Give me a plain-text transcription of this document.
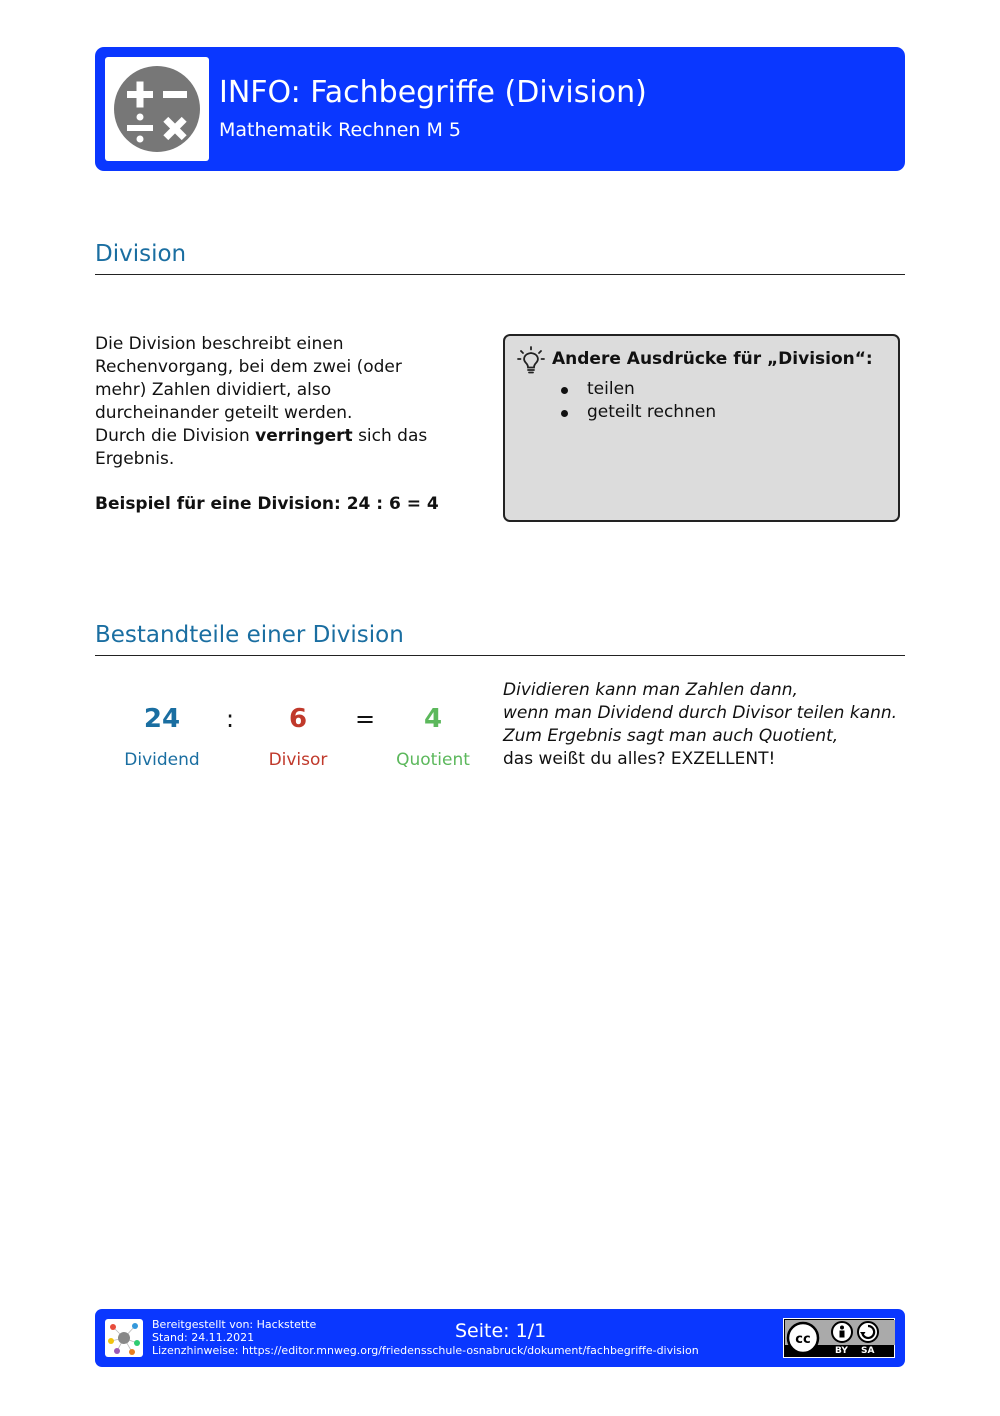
INFO: Fachbegriffe (Division)
Mathematik Rechnen M 5
Division

Die Division beschreibt einen Rechenvorgang, bei dem zwei (oder mehr) Zahlen dividiert, also durcheinander geteilt werden.

Durch die Division verringert sich das Ergebnis.

Beispiel für eine Division: 24 : 6 = 4

Andere Ausdrücke für „Division“:
teilen
geteilt rechnen
Bestandteile einer Division
24	:	6	=	4
Dividend	Divisor	Quotient
Dividieren kann man Zahlen dann,
wenn man Dividend durch Divisor teilen kann.
Zum Ergebnis sagt man auch Quotient,
das weißt du alles? EXZELLENT!
Bereitgestellt von: Hackstette
Stand: 24.11.2021
Lizenzhinweise: https://editor.mnweg.org/friedensschule-osnabruck/dokument/fachbegriffe-division
Seite: 1/1	cc
BY SA
